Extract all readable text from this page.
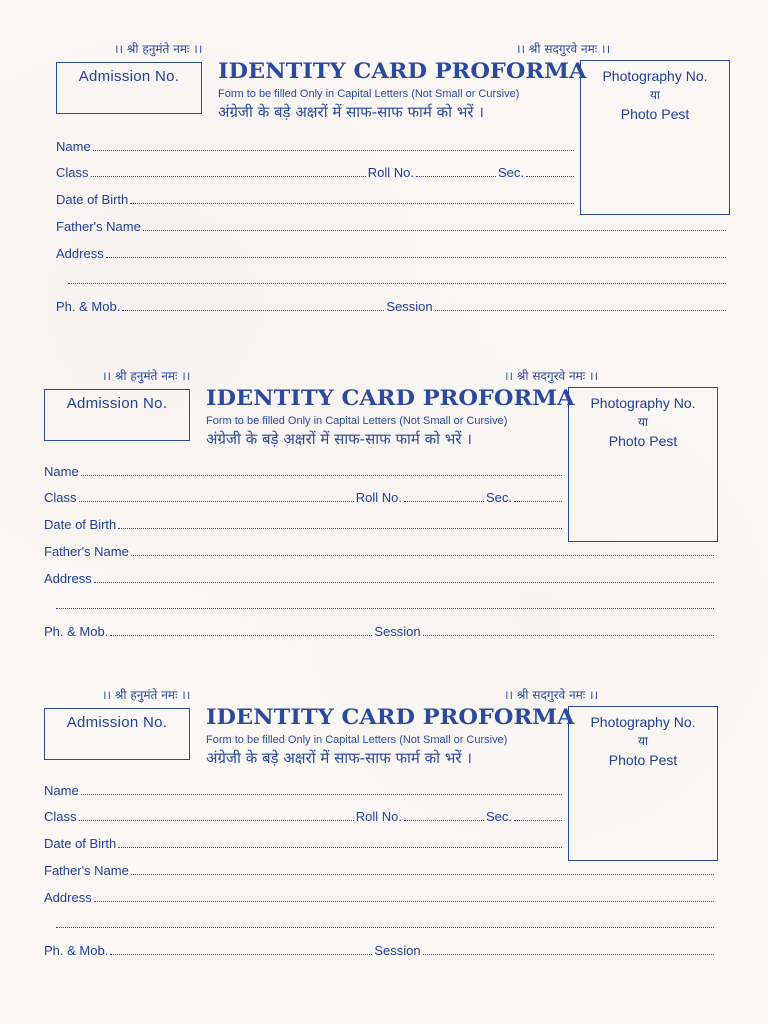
।। श्री हनुमंते नमः ।।	।। श्री सदगुरवे नमः ।।
Admission No.	IDENTITY CARD PROFORMA
Form to be filled Only in Capital Letters (Not Small or Cursive)
अंग्रेजी के बड़े अक्षरों में साफ-साफ फार्म को भरें ।
Photography No.
या
Photo Pest
Name
Class	Roll No.	Sec.
Date of Birth
Father's Name
Address
Ph. & Mob.	Session
।। श्री हनुमंते नमः ।।	।। श्री सदगुरवे नमः ।।
Admission No.	IDENTITY CARD PROFORMA
Form to be filled Only in Capital Letters (Not Small or Cursive)
अंग्रेजी के बड़े अक्षरों में साफ-साफ फार्म को भरें ।
Photography No.
या
Photo Pest
Name
Class	Roll No.	Sec.
Date of Birth
Father's Name
Address
Ph. & Mob.	Session
।। श्री हनुमंते नमः ।।	।। श्री सदगुरवे नमः ।।
Admission No.	IDENTITY CARD PROFORMA
Form to be filled Only in Capital Letters (Not Small or Cursive)
अंग्रेजी के बड़े अक्षरों में साफ-साफ फार्म को भरें ।
Photography No.
या
Photo Pest
Name
Class	Roll No.	Sec.
Date of Birth
Father's Name
Address
Ph. & Mob.	Session
